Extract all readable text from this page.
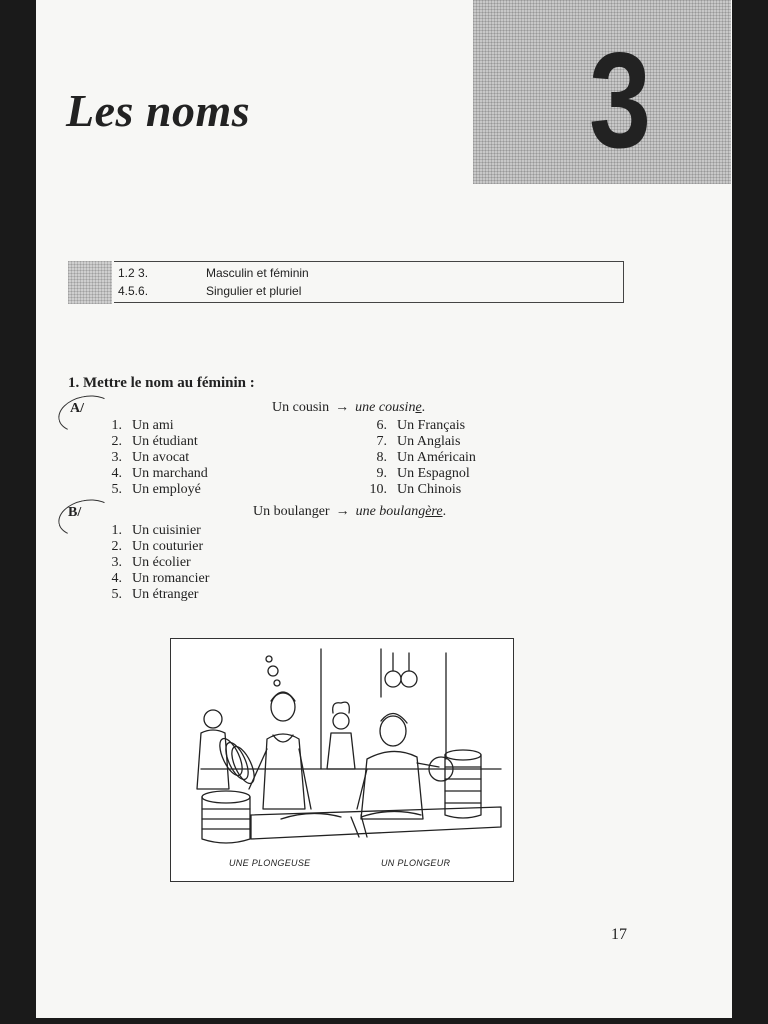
3
Les noms
1.2 3.	Masculin et féminin
4.5.6.	Singulier et pluriel
1. Mettre le nom au féminin :
A/	Un cousin → une cousine.
1. Un ami
2. Un étudiant
3. Un avocat
4. Un marchand
5. Un employé
6. Un Français
7. Un Anglais
8. Un Américain
9. Un Espagnol
10. Un Chinois
B/	Un boulanger → une boulangère.
1. Un cuisinier
2. Un couturier
3. Un écolier
4. Un romancier
5. Un étranger
UNE PLONGEUSE	UN PLONGEUR
17
